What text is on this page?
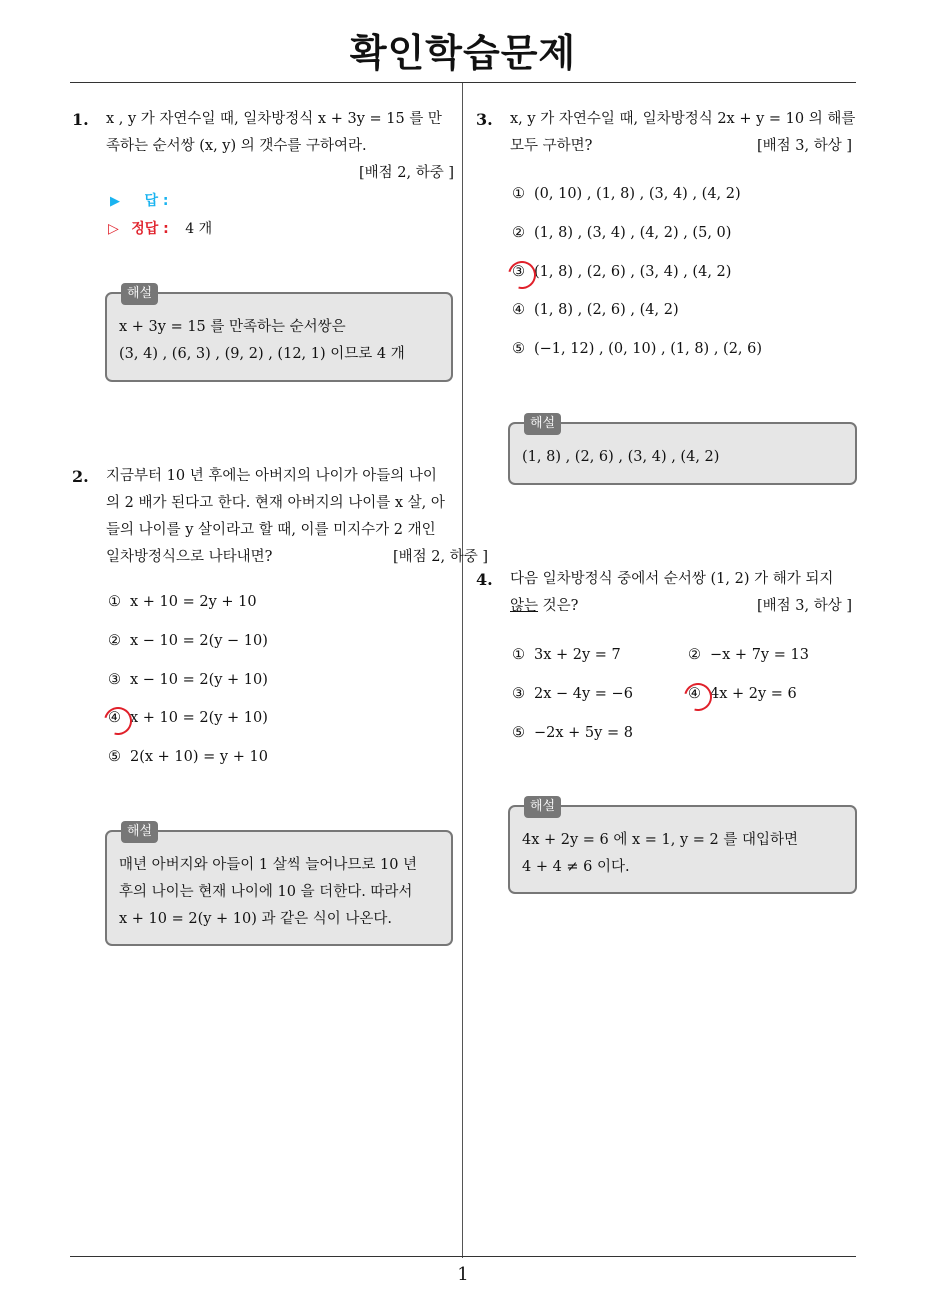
확인학습문제
1. x , y 가 자연수일 때, 일차방정식 x + 3y = 15 를 만
족하는 순서쌍 (x, y) 의 갯수를 구하여라.
[배점 2, 하중 ]
▶ 답 :
▷ 정답 : 4 개
해설
x + 3y = 15 를 만족하는 순서쌍은
(3, 4) , (6, 3) , (9, 2) , (12, 1) 이므로 4 개
2. 지금부터 10 년 후에는 아버지의 나이가 아들의 나이
의 2 배가 된다고 한다. 현재 아버지의 나이를 x 살, 아
들의 나이를 y 살이라고 할 때, 이를 미지수가 2 개인
일차방정식으로 나타내면?	[배점 2, 하중 ]
① x + 10 = 2y + 10
② x − 10 = 2(y − 10)
③ x − 10 = 2(y + 10)
④ x + 10 = 2(y + 10)
⑤ 2(x + 10) = y + 10
해설
매년 아버지와 아들이 1 살씩 늘어나므로 10 년
후의 나이는 현재 나이에 10 을 더한다. 따라서
x + 10 = 2(y + 10) 과 같은 식이 나온다.
3. x, y 가 자연수일 때, 일차방정식 2x + y = 10 의 해를
모두 구하면?	[배점 3, 하상 ]
① (0, 10) , (1, 8) , (3, 4) , (4, 2)
② (1, 8) , (3, 4) , (4, 2) , (5, 0)
③ (1, 8) , (2, 6) , (3, 4) , (4, 2)
④ (1, 8) , (2, 6) , (4, 2)
⑤ (−1, 12) , (0, 10) , (1, 8) , (2, 6)
해설
(1, 8) , (2, 6) , (3, 4) , (4, 2)
4. 다음 일차방정식 중에서 순서쌍 (1, 2) 가 해가 되지
않는 것은?	[배점 3, 하상 ]
① 3x + 2y = 7	② −x + 7y = 13
③ 2x − 4y = −6	④ 4x + 2y = 6
⑤ −2x + 5y = 8
해설
4x + 2y = 6 에 x = 1, y = 2 를 대입하면
4 + 4 ≠ 6 이다.
1
